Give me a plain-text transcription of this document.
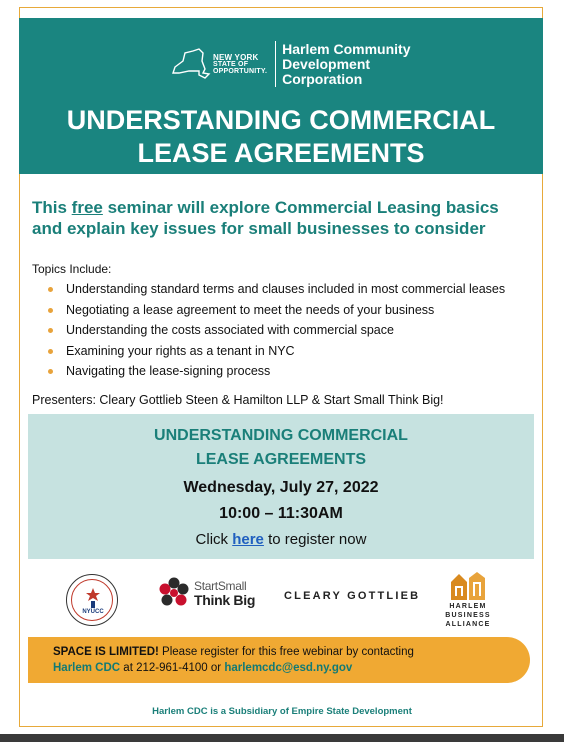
NEW YORK
STATE OF
OPPORTUNITY.
Harlem Community
Development
Corporation
UNDERSTANDING COMMERCIAL
LEASE AGREEMENTS
This free seminar will explore Commercial Leasing basics and explain key issues for small businesses to consider
Topics Include:
Understanding standard terms and clauses included in most commercial leases
Negotiating a lease agreement to meet the needs of your business
Understanding the costs associated with commercial space
Examining your rights as a tenant in NYC
Navigating the lease-signing process
Presenters: Cleary Gottlieb Steen & Hamilton LLP & Start Small Think Big!
UNDERSTANDING COMMERCIAL
LEASE AGREEMENTS
Wednesday, July 27, 2022
10:00 – 11:30AM
Click here to register now
NYUCC
StartSmall
Think Big	CLEARY GOTTLIEB
HARLEM
BUSINESS
ALLIANCE
SPACE IS LIMITED! Please register for this free webinar by contacting
Harlem CDC at 212-961-4100 or harlemcdc@esd.ny.gov
Harlem CDC is a Subsidiary of Empire State Development
